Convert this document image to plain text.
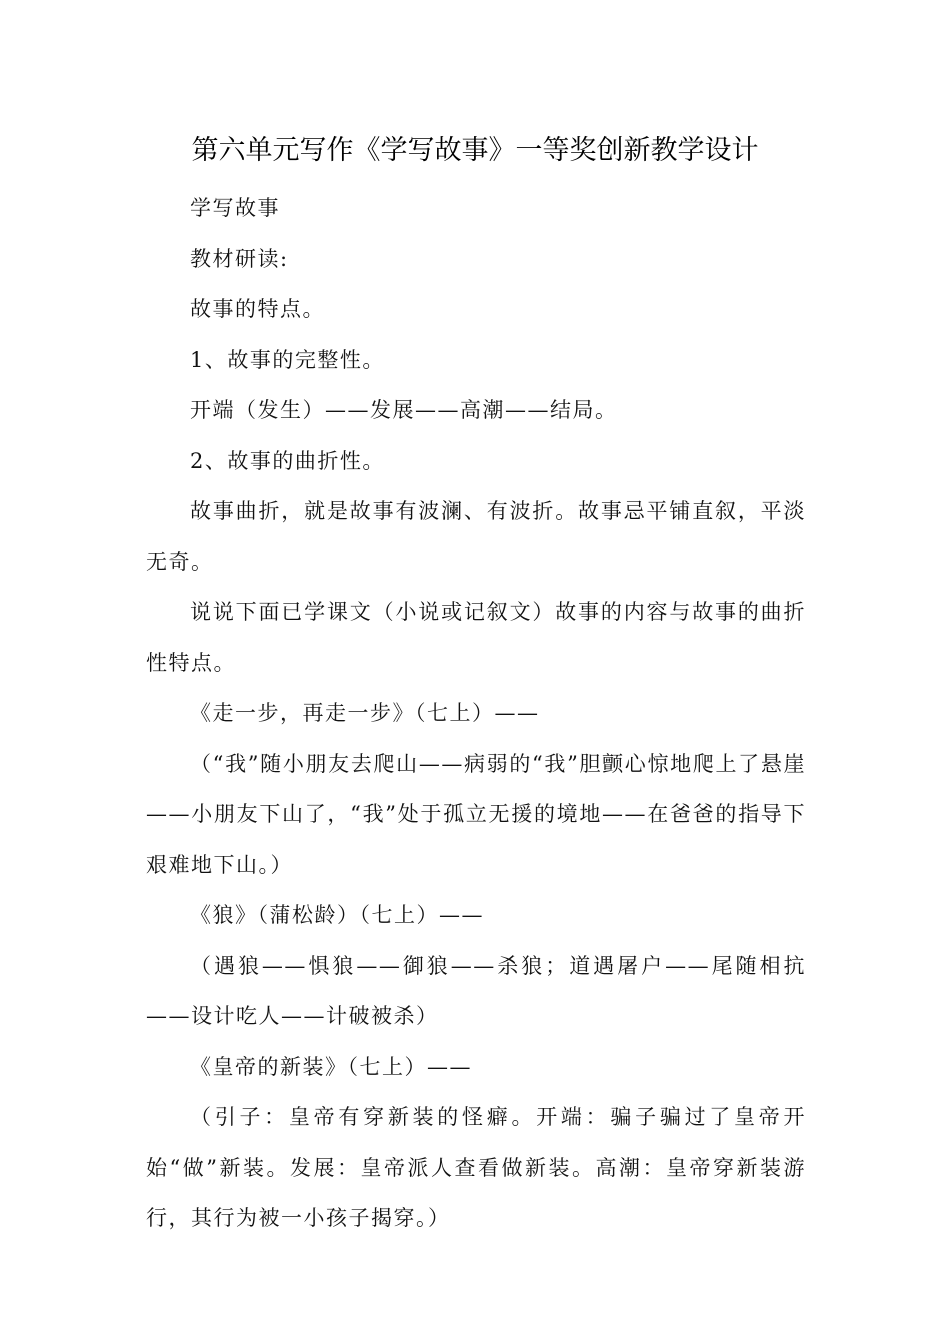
第六单元写作《学写故事》一等奖创新教学设计

学写故事

教材研读:

故事的特点。

1、故事的完整性。

开端（发生）——发展——高潮——结局。

2、故事的曲折性。

故事曲折，就是故事有波澜、有波折。故事忌平铺直叙，平淡无奇。

说说下面已学课文（小说或记叙文）故事的内容与故事的曲折性特点。

《走一步，再走一步》（七上）——

（“我”随小朋友去爬山——病弱的“我”胆颤心惊地爬上了悬崖——小朋友下山了，“我”处于孤立无援的境地——在爸爸的指导下艰难地下山。）

《狼》（蒲松龄）（七上）——

（遇狼——惧狼——御狼——杀狼；道遇屠户——尾随相抗——设计吃人——计破被杀）

《皇帝的新装》（七上）——

（引子：皇帝有穿新装的怪癖。开端：骗子骗过了皇帝开始“做”新装。发展：皇帝派人查看做新装。高潮：皇帝穿新装游行，其行为被一小孩子揭穿。）
